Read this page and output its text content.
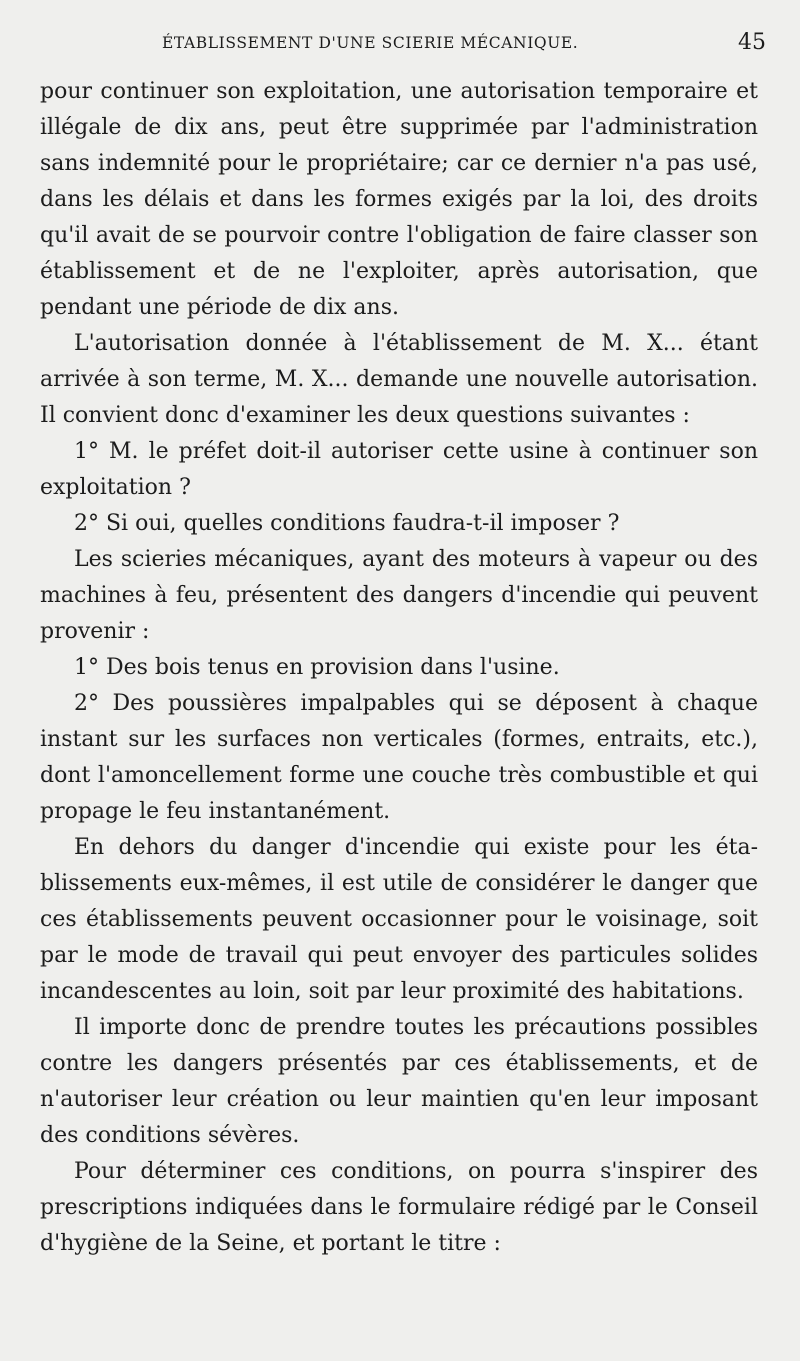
ÉTABLISSEMENT D'UNE SCIERIE MÉCANIQUE.	45

pour continuer son exploitation, une autorisation temporaire et illégale de dix ans, peut être supprimée par l'administration sans indemnité pour le propriétaire; car ce dernier n'a pas usé, dans les délais et dans les formes exigés par la loi, des droits qu'il avait de se pourvoir contre l'obligation de faire classer son établissement et de ne l'exploiter, après autorisation, que pendant une période de dix ans.

L'autorisation donnée à l'établissement de M. X... étant arrivée à son terme, M. X... demande une nouvelle autorisation. Il convient donc d'examiner les deux questions suivantes :

1° M. le préfet doit-il autoriser cette usine à continuer son exploitation ?

2° Si oui, quelles conditions faudra-t-il imposer ?

Les scieries mécaniques, ayant des moteurs à vapeur ou des machines à feu, présentent des dangers d'incendie qui peuvent provenir :

1° Des bois tenus en provision dans l'usine.

2° Des poussières impalpables qui se déposent à chaque instant sur les surfaces non verticales (formes, entraits, etc.), dont l'amoncellement forme une couche très combustible et qui propage le feu instantanément.

En dehors du danger d'incendie qui existe pour les établissements eux-mêmes, il est utile de considérer le danger que ces établissements peuvent occasionner pour le voisinage, soit par le mode de travail qui peut envoyer des particules solides incandescentes au loin, soit par leur proximité des habitations.

Il importe donc de prendre toutes les précautions possibles contre les dangers présentés par ces établissements, et de n'autoriser leur création ou leur maintien qu'en leur imposant des conditions sévères.

Pour déterminer ces conditions, on pourra s'inspirer des prescriptions indiquées dans le formulaire rédigé par le Conseil d'hygiène de la Seine, et portant le titre :
